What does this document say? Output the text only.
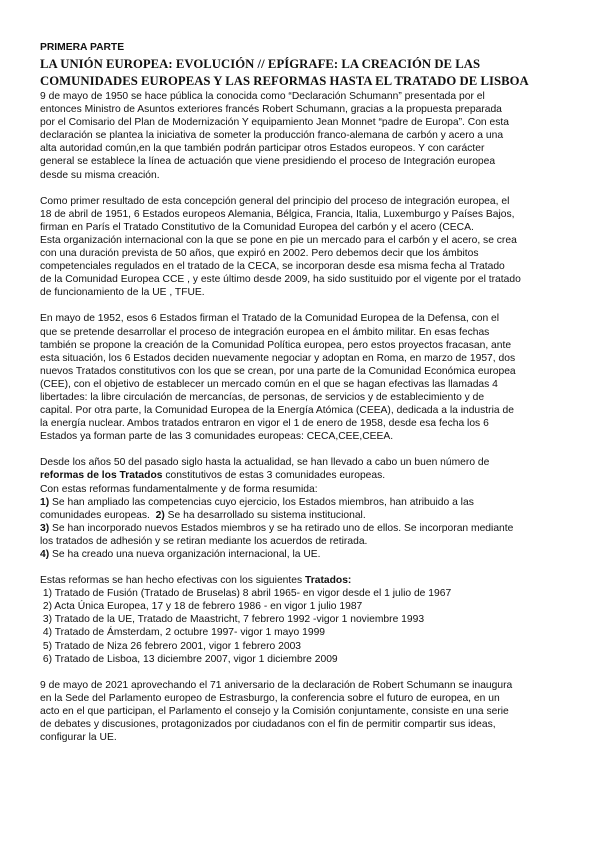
PRIMERA PARTE
LA UNIÓN EUROPEA: EVOLUCIÓN // EPÍGRAFE: LA CREACIÓN DE LAS
COMUNIDADES EUROPEAS Y LAS REFORMAS HASTA EL TRATADO DE LISBOA

9 de mayo de 1950 se hace pública la conocida como “Declaración Schumann” presentada por el
entonces Ministro de Asuntos exteriores francés Robert Schumann, gracias a la propuesta preparada
por el Comisario del Plan de Modernización Y equipamiento Jean Monnet “padre de Europa”. Con esta
declaración se plantea la iniciativa de someter la producción franco-alemana de carbón y acero a una
alta autoridad común,en la que también podrán participar otros Estados europeos. Y con carácter
general se establece la línea de actuación que viene presidiendo el proceso de Integración europea
desde su misma creación.

Como primer resultado de esta concepción general del principio del proceso de integración europea, el
18 de abril de 1951, 6 Estados europeos Alemania, Bélgica, Francia, Italia, Luxemburgo y Países Bajos,
firman en París el Tratado Constitutivo de la Comunidad Europea del carbón y el acero (CECA.
Esta organización internacional con la que se pone en pie un mercado para el carbón y el acero, se crea
con una duración prevista de 50 años, que expiró en 2002. Pero debemos decir que los ámbitos
competenciales regulados en el tratado de la CECA, se incorporan desde esa misma fecha al Tratado
de la Comunidad Europea CCE , y este último desde 2009, ha sido sustituido por el vigente por el tratado
de funcionamiento de la UE , TFUE.

En mayo de 1952, esos 6 Estados firman el Tratado de la Comunidad Europea de la Defensa, con el
que se pretende desarrollar el proceso de integración europea en el ámbito militar. En esas fechas
también se propone la creación de la Comunidad Política europea, pero estos proyectos fracasan, ante
esta situación, los 6 Estados deciden nuevamente negociar y adoptan en Roma, en marzo de 1957, dos
nuevos Tratados constitutivos con los que se crean, por una parte de la Comunidad Económica europea
(CEE), con el objetivo de establecer un mercado común en el que se hagan efectivas las llamadas 4
libertades: la libre circulación de mercancías, de personas, de servicios y de establecimiento y de
capital. Por otra parte, la Comunidad Europea de la Energía Atómica (CEEA), dedicada a la industria de
la energía nuclear. Ambos tratados entraron en vigor el 1 de enero de 1958, desde esa fecha los 6
Estados ya forman parte de las 3 comunidades europeas: CECA,CEE,CEEA.

Desde los años 50 del pasado siglo hasta la actualidad, se han llevado a cabo un buen número de
reformas de los Tratados constitutivos de estas 3 comunidades europeas.
Con estas reformas fundamentalmente y de forma resumida:
1) Se han ampliado las competencias cuyo ejercicio, los Estados miembros, han atribuido a las
comunidades europeas.  2) Se ha desarrollado su sistema institucional.
3) Se han incorporado nuevos Estados miembros y se ha retirado uno de ellos. Se incorporan mediante
los tratados de adhesión y se retiran mediante los acuerdos de retirada.
4) Se ha creado una nueva organización internacional, la UE.

Estas reformas se han hecho efectivas con los siguientes Tratados:
1) Tratado de Fusión (Tratado de Bruselas) 8 abril 1965- en vigor desde el 1 julio de 1967
2) Acta Única Europea, 17 y 18 de febrero 1986 - en vigor 1 julio 1987
3) Tratado de la UE, Tratado de Maastricht, 7 febrero 1992 -vigor 1 noviembre 1993
4) Tratado de Ámsterdam, 2 octubre 1997- vigor 1 mayo 1999
5) Tratado de Niza 26 febrero 2001, vigor 1 febrero 2003
6) Tratado de Lisboa, 13 diciembre 2007, vigor 1 diciembre 2009

9 de mayo de 2021 aprovechando el 71 aniversario de la declaración de Robert Schumann se inaugura
en la Sede del Parlamento europeo de Estrasburgo, la conferencia sobre el futuro de europea, en un
acto en el que participan, el Parlamento el consejo y la Comisión conjuntamente, consiste en una serie
de debates y discusiones, protagonizados por ciudadanos con el fin de permitir compartir sus ideas,
configurar la UE.
